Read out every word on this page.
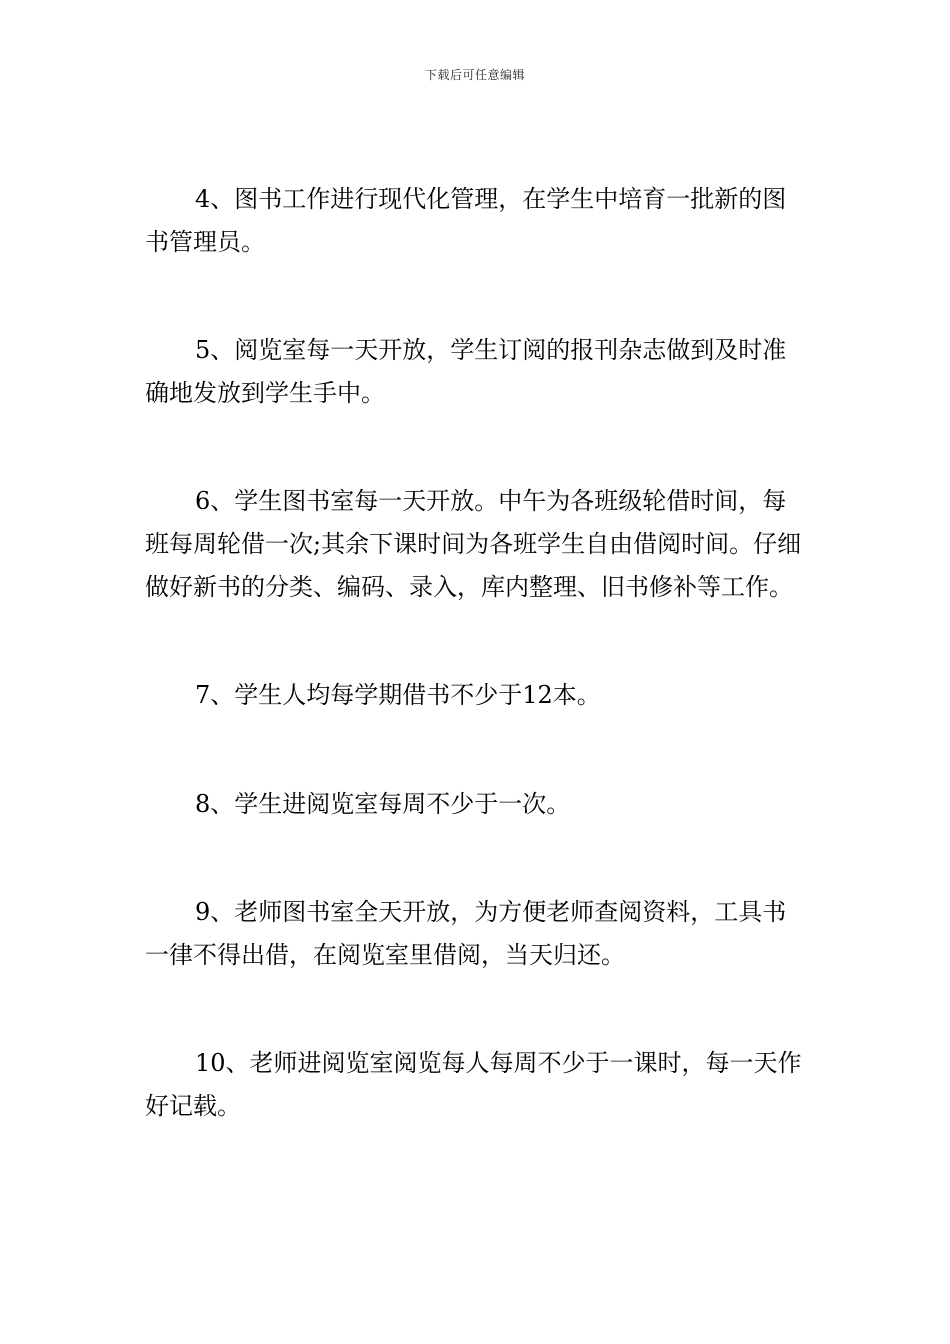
下载后可任意编辑

4、图书工作进行现代化管理，在学生中培育一批新的图书管理员。

5、阅览室每一天开放，学生订阅的报刊杂志做到及时准确地发放到学生手中。

6、学生图书室每一天开放。中午为各班级轮借时间，每班每周轮借一次;其余下课时间为各班学生自由借阅时间。仔细做好新书的分类、编码、录入，库内整理、旧书修补等工作。

7、学生人均每学期借书不少于12本。

8、学生进阅览室每周不少于一次。

9、老师图书室全天开放，为方便老师查阅资料，工具书一律不得出借，在阅览室里借阅，当天归还。

10、老师进阅览室阅览每人每周不少于一课时，每一天作好记载。
